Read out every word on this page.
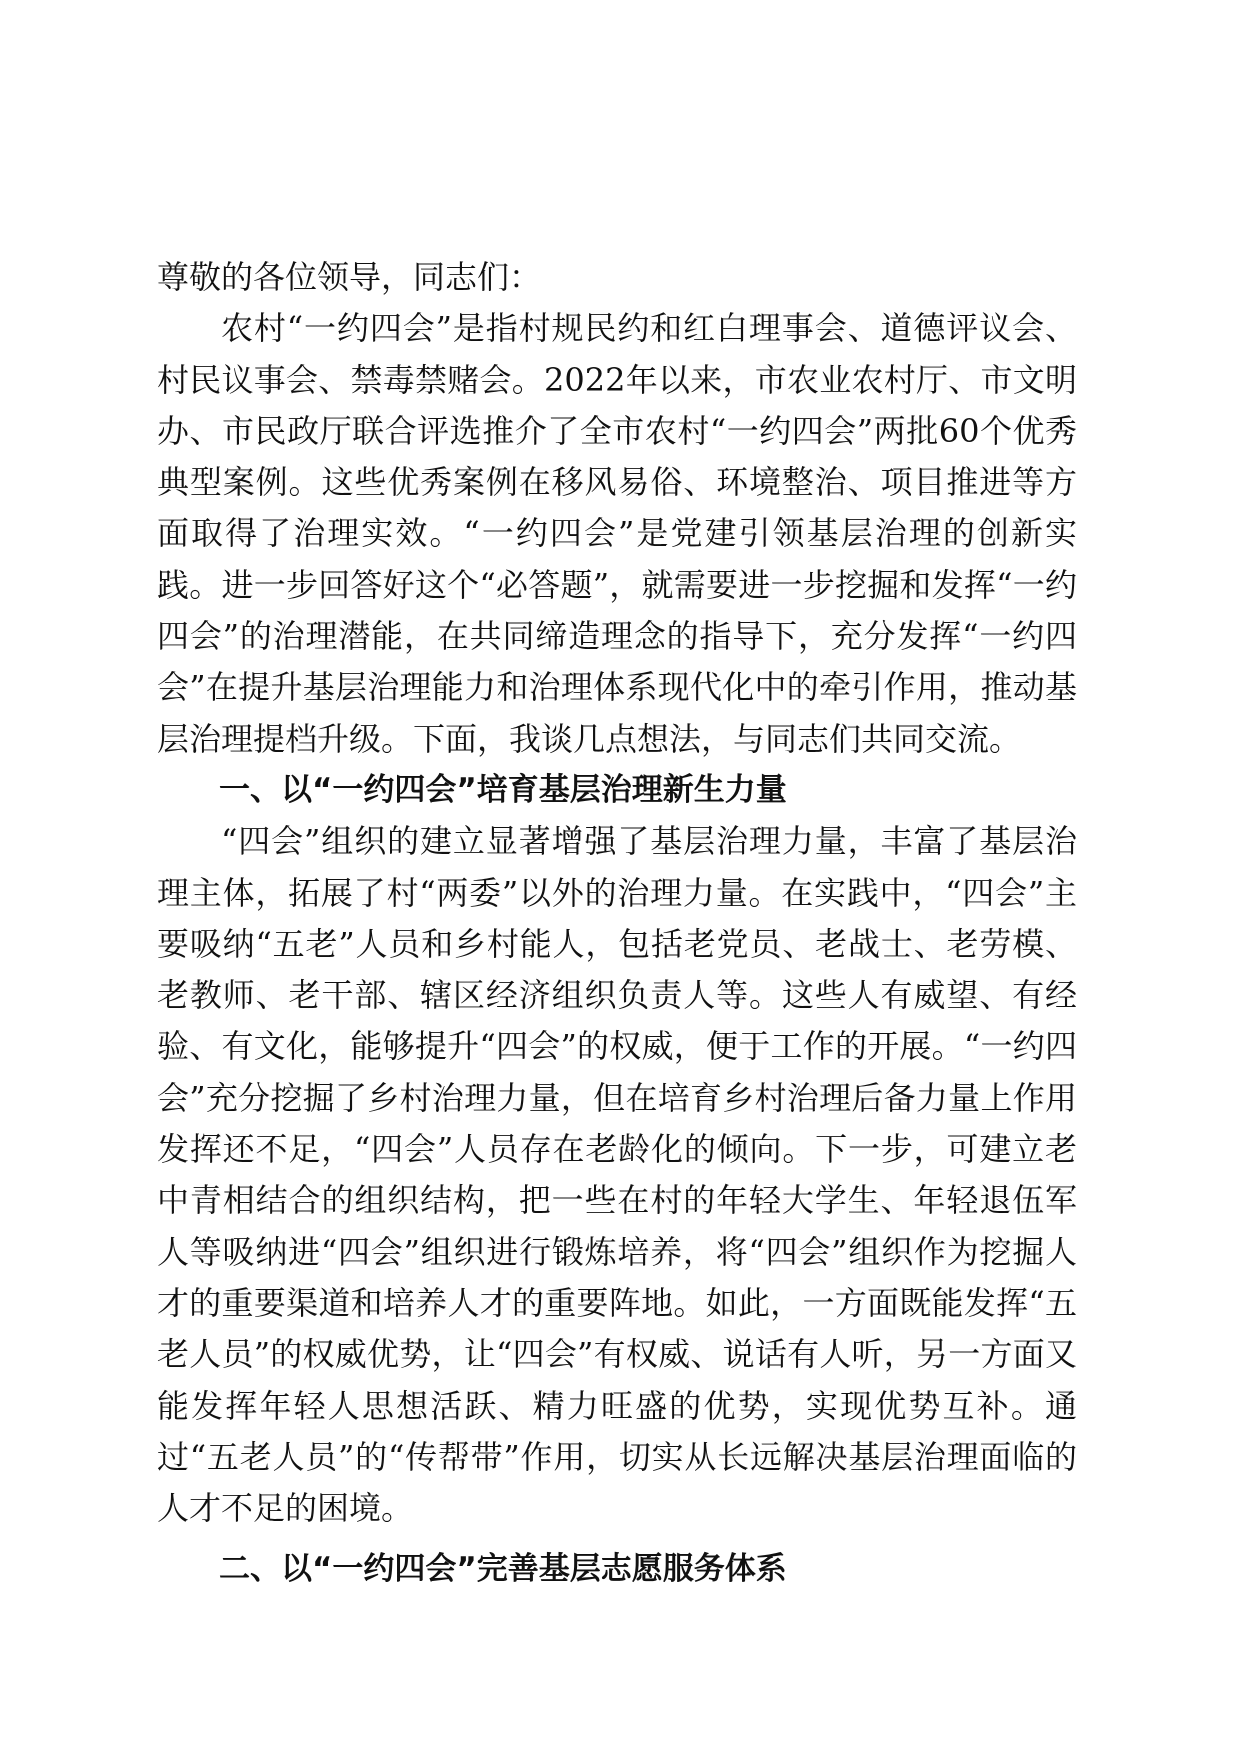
尊敬的各位领导，同志们：

农村“一约四会”是指村规民约和红白理事会、道德评议会、村民议事会、禁毒禁赌会。2022年以来，市农业农村厅、市文明办、市民政厅联合评选推介了全市农村“一约四会”两批60个优秀典型案例。这些优秀案例在移风易俗、环境整治、项目推进等方面取得了治理实效。“一约四会”是党建引领基层治理的创新实践。进一步回答好这个“必答题”，就需要进一步挖掘和发挥“一约四会”的治理潜能，在共同缔造理念的指导下，充分发挥“一约四会”在提升基层治理能力和治理体系现代化中的牵引作用，推动基层治理提档升级。下面，我谈几点想法，与同志们共同交流。

一、以“一约四会”培育基层治理新生力量

“四会”组织的建立显著增强了基层治理力量，丰富了基层治理主体，拓展了村“两委”以外的治理力量。在实践中，“四会”主要吸纳“五老”人员和乡村能人，包括老党员、老战士、老劳模、老教师、老干部、辖区经济组织负责人等。这些人有威望、有经验、有文化，能够提升“四会”的权威，便于工作的开展。“一约四会”充分挖掘了乡村治理力量，但在培育乡村治理后备力量上作用发挥还不足，“四会”人员存在老龄化的倾向。下一步，可建立老中青相结合的组织结构，把一些在村的年轻大学生、年轻退伍军人等吸纳进“四会”组织进行锻炼培养，将“四会”组织作为挖掘人才的重要渠道和培养人才的重要阵地。如此，一方面既能发挥“五老人员”的权威优势，让“四会”有权威、说话有人听，另一方面又能发挥年轻人思想活跃、精力旺盛的优势，实现优势互补。通过“五老人员”的“传帮带”作用，切实从长远解决基层治理面临的人才不足的困境。

二、以“一约四会”完善基层志愿服务体系
